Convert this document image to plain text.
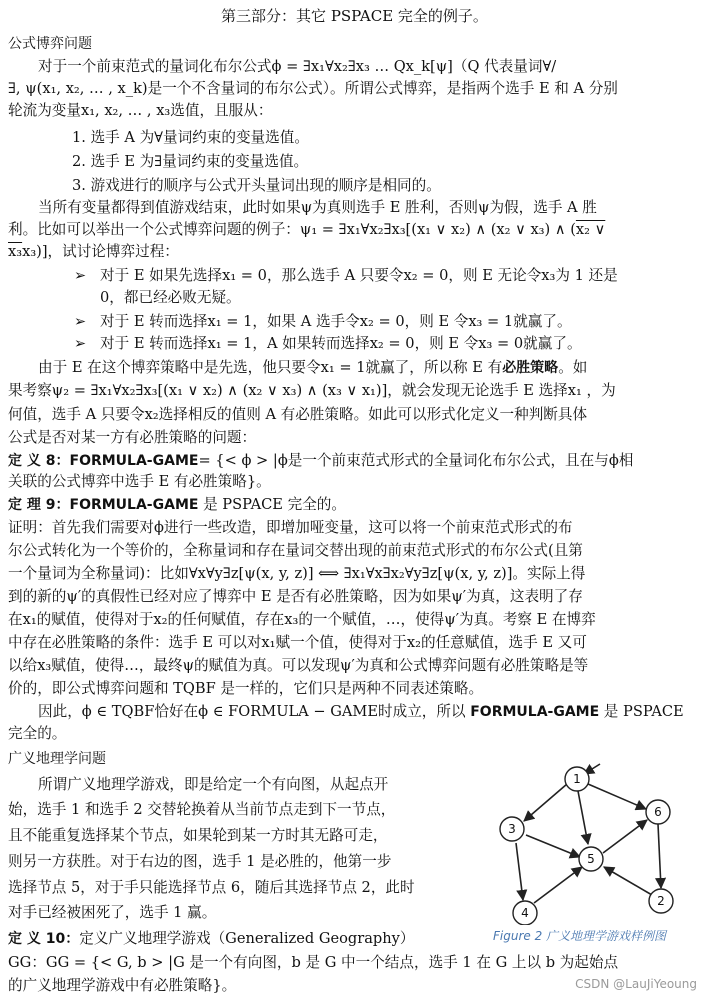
第三部分：其它 PSPACE 完全的例子。
公式博弈问题
对于一个前束范式的量词化布尔公式ϕ = ∃x₁∀x₂∃x₃ … Qx_k[ψ]（Q 代表量词∀/
∃, ψ(x₁, x₂, … , x_k)是一个不含量词的布尔公式）。所谓公式博弈，是指两个选手 E 和 A 分别
轮流为变量x₁, x₂, … , x₃选值，且服从：
1. 选手 A 为∀量词约束的变量选值。
2. 选手 E 为∃量词约束的变量选值。
3. 游戏进行的顺序与公式开头量词出现的顺序是相同的。
当所有变量都得到值游戏结束，此时如果ψ为真则选手 E 胜利，否则ψ为假，选手 A 胜
利。比如可以举出一个公式博弈问题的例子：ψ₁ = ∃x₁∀x₂∃x₃[(x₁ ∨ x₂) ∧ (x₂ ∨ x₃) ∧ (x₂ ∨
x₃x₃)]，试讨论博弈过程：
➢ 对于 E 如果先选择x₁ = 0，那么选手 A 只要令x₂ = 0，则 E 无论令x₃为 1 还是
0，都已经必败无疑。
➢ 对于 E 转而选择x₁ = 1，如果 A 选手令x₂ = 0，则 E 令x₃ = 1就赢了。
➢ 对于 E 转而选择x₁ = 1，A 如果转而选择x₂ = 0，则 E 令x₃ = 0就赢了。
由于 E 在这个博弈策略中是先选，他只要令x₁ = 1就赢了，所以称 E 有必胜策略。如
果考察ψ₂ = ∃x₁∀x₂∃x₃[(x₁ ∨ x₂) ∧ (x₂ ∨ x₃) ∧ (x₃ ∨ x₁)]，就会发现无论选手 E 选择x₁ ，为
何值，选手 A 只要令x₂选择相反的值则 A 有必胜策略。如此可以形式化定义一种判断具体
公式是否对某一方有必胜策略的问题：
定 义 8：FORMULA-GAME= {< ϕ > |ϕ是一个前束范式形式的全量词化布尔公式，且在与ϕ相
关联的公式博弈中选手 E 有必胜策略}。
定 理 9：FORMULA-GAME 是 PSPACE 完全的。
证明：首先我们需要对ϕ进行一些改造，即增加哑变量，这可以将一个前束范式形式的布
尔公式转化为一个等价的，全称量词和存在量词交替出现的前束范式形式的布尔公式(且第
一个量词为全称量词)：比如∀x∀y∃z[ψ(x, y, z)] ⟺ ∃x₁∀x∃x₂∀y∃z[ψ(x, y, z)]。实际上得
到的新的ψ′的真假性已经对应了博弈中 E 是否有必胜策略，因为如果ψ′为真，这表明了存
在x₁的赋值，使得对于x₂的任何赋值，存在x₃的一个赋值，…，使得ψ′为真。考察 E 在博弈
中存在必胜策略的条件：选手 E 可以对x₁赋一个值，使得对于x₂的任意赋值，选手 E 又可
以给x₃赋值，使得…，最终ψ的赋值为真。可以发现ψ′为真和公式博弈问题有必胜策略是等
价的，即公式博弈问题和 TQBF 是一样的，它们只是两种不同表述策略。
因此，ϕ ∈ TQBF恰好在ϕ ∈ FORMULA − GAME时成立，所以 FORMULA-GAME 是 PSPACE
完全的。
广义地理学问题
所谓广义地理学游戏，即是给定一个有向图，从起点开
始，选手 1 和选手 2 交替轮换着从当前节点走到下一节点，
且不能重复选择某个节点，如果轮到某一方时其无路可走，
则另一方获胜。对于右边的图，选手 1 是必胜的，他第一步
选择节点 5，对于手只能选择节点 6，随后其选择节点 2，此时
对手已经被困死了，选手 1 赢。
定 义 10：定义广义地理学游戏（Generalized Geography）
GG：GG = {< G, b > |G 是一个有向图，b 是 G 中一个结点，选手 1 在 G 上以 b 为起始点
的广义地理学游戏中有必胜策略}。
1
3
6
5
4
2
Figure 2 广义地理学游戏样例图
CSDN @LauJiYeoung
